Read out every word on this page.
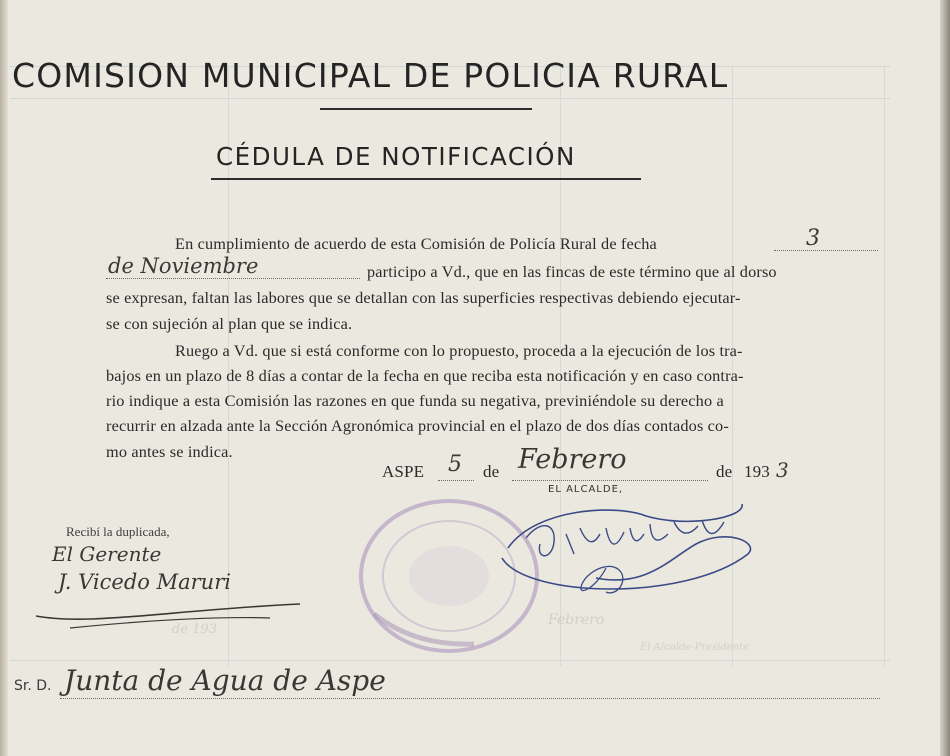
COMISION MUNICIPAL DE POLICIA RURAL
CÉDULA DE NOTIFICACIÓN
En cumplimiento de acuerdo de esta Comisión de Policía Rural de fecha	3
de Noviembre	participo a Vd., que en las fincas de este término que al dorso
se expresan, faltan las labores que se detallan con las superficies respectivas debiendo ejecutar-
se con sujeción al plan que se indica.
Ruego a Vd. que si está conforme con lo propuesto, proceda a la ejecución de los tra-
bajos en un plazo de 8 días a contar de la fecha en que reciba esta notificación y en caso contra-
rio indique a esta Comisión las razones en que funda su negativa, previniéndole su derecho a
recurrir en alzada ante la Sección Agronómica provincial en el plazo de dos días contados co-
mo antes se indica.
ASPE 5 de Febrero	de 193 3
EL ALCALDE,
Febrero
de 193
El Alcalde-Presidente
Recibí la duplicada,
El Gerente
J. Vicedo Maruri
Sr. D. Junta de Agua de Aspe
